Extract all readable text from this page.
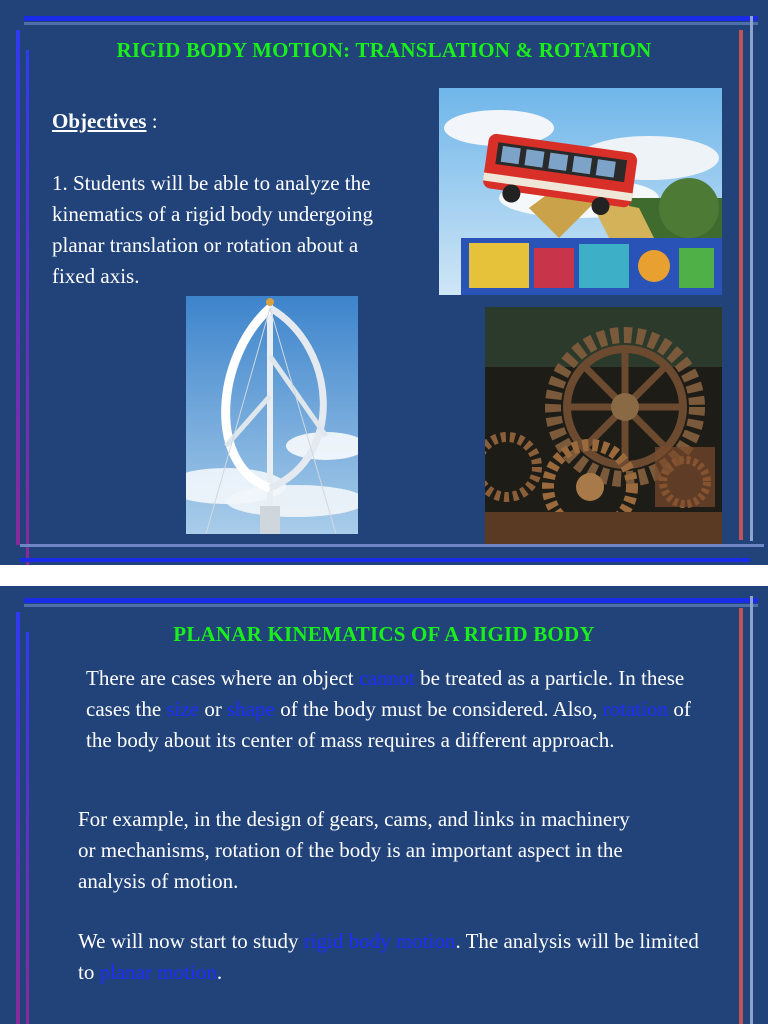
RIGID BODY MOTION: TRANSLATION & ROTATION
Objectives :
1. Students will be able to analyze the kinematics of a rigid body undergoing planar translation or rotation about a fixed axis.
PLANAR KINEMATICS OF A RIGID BODY
There are cases where an object cannot be treated as a particle. In these cases the size or shape of the body must be considered. Also, rotation of the body about its center of mass requires a different approach.
For example, in the design of gears, cams, and links in machinery or mechanisms, rotation of the body is an important aspect in the analysis of motion.
We will now start to study rigid body motion. The analysis will be limited to planar motion.
